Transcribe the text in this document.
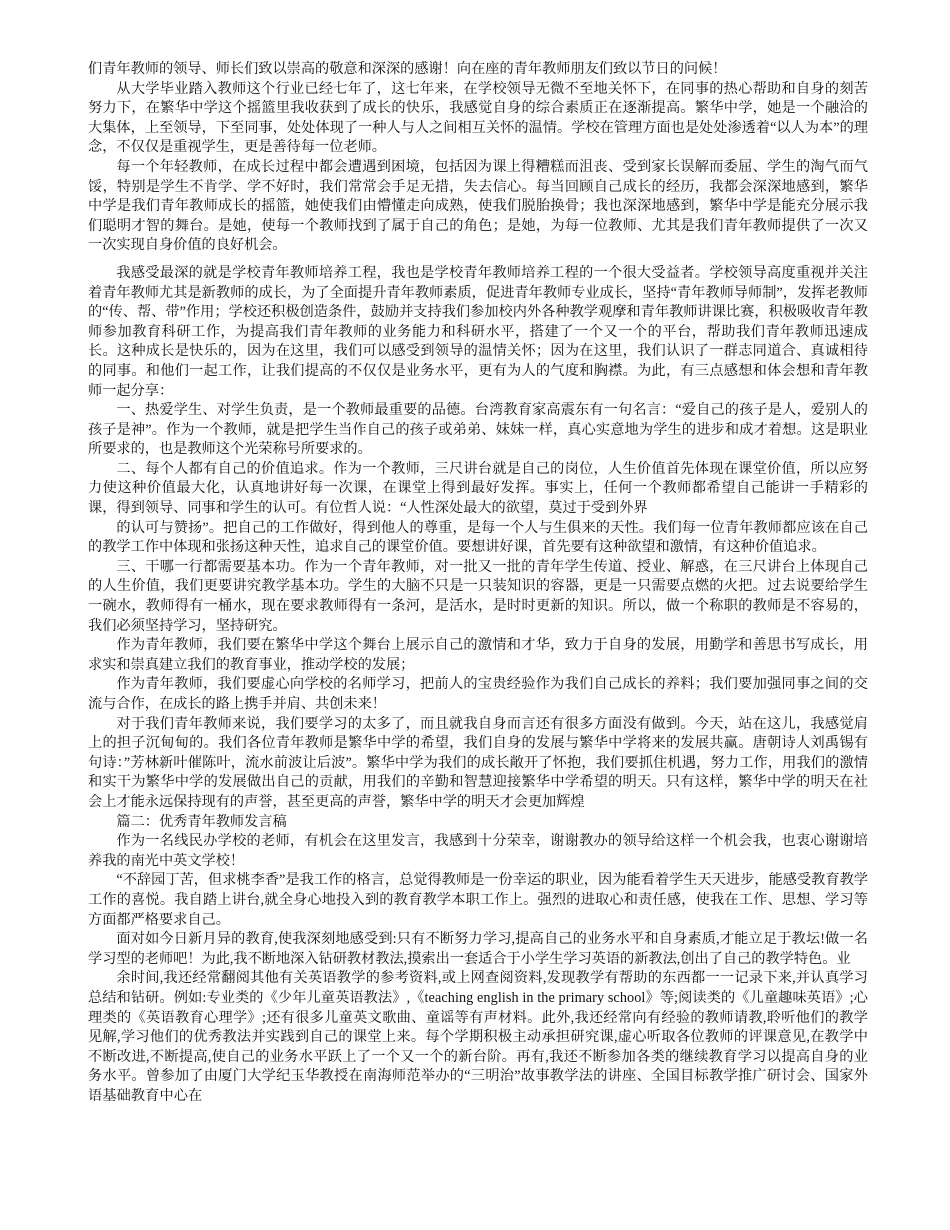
们青年教师的领导、师长们致以崇高的敬意和深深的感谢！向在座的青年教师朋友们致以节日的问候！

从大学毕业踏入教师这个行业已经七年了，这七年来，在学校领导无微不至地关怀下，在同事的热心帮助和自身的刻苦努力下，在繁华中学这个摇篮里我收获到了成长的快乐，我感觉自身的综合素质正在逐渐提高。繁华中学，她是一个融洽的大集体，上至领导，下至同事，处处体现了一种人与人之间相互关怀的温情。学校在管理方面也是处处渗透着“以人为本”的理念，不仅仅是重视学生，更是善待每一位老师。

每一个年轻教师，在成长过程中都会遭遇到困境，包括因为课上得糟糕而沮丧、受到家长误解而委屈、学生的淘气而气馁，特别是学生不肯学、学不好时，我们常常会手足无措，失去信心。每当回顾自己成长的经历，我都会深深地感到，繁华中学是我们青年教师成长的摇篮，她使我们由懵懂走向成熟，使我们脱胎换骨；我也深深地感到，繁华中学是能充分展示我们聪明才智的舞台。是她，使每一个教师找到了属于自己的角色；是她，为每一位教师、尤其是我们青年教师提供了一次又一次实现自身价值的良好机会。

我感受最深的就是学校青年教师培养工程，我也是学校青年教师培养工程的一个很大受益者。学校领导高度重视并关注着青年教师尤其是新教师的成长，为了全面提升青年教师素质，促进青年教师专业成长，坚持“青年教师导师制”，发挥老教师的“传、帮、带”作用；学校还积极创造条件，鼓励并支持我们参加校内外各种教学观摩和青年教师讲课比赛，积极吸收青年教师参加教育科研工作，为提高我们青年教师的业务能力和科研水平，搭建了一个又一个的平台，帮助我们青年教师迅速成长。这种成长是快乐的，因为在这里，我们可以感受到领导的温情关怀；因为在这里，我们认识了一群志同道合、真诚相待的同事。和他们一起工作，让我们提高的不仅仅是业务水平，更有为人的气度和胸襟。为此，有三点感想和体会想和青年教师一起分享：

一、热爱学生、对学生负责，是一个教师最重要的品德。台湾教育家高震东有一句名言：“爱自己的孩子是人，爱别人的孩子是神”。作为一个教师，就是把学生当作自己的孩子或弟弟、妹妹一样，真心实意地为学生的进步和成才着想。这是职业所要求的，也是教师这个光荣称号所要求的。

二、每个人都有自己的价值追求。作为一个教师，三尺讲台就是自己的岗位，人生价值首先体现在课堂价值，所以应努力使这种价值最大化，认真地讲好每一次课，在课堂上得到最好发挥。事实上，任何一个教师都希望自己能讲一手精彩的课，得到领导、同事和学生的认可。有位哲人说：“人性深处最大的欲望，莫过于受到外界

的认可与赞扬”。把自己的工作做好，得到他人的尊重，是每一个人与生俱来的天性。我们每一位青年教师都应该在自己的教学工作中体现和张扬这种天性，追求自己的课堂价值。要想讲好课，首先要有这种欲望和激情，有这种价值追求。

三、干哪一行都需要基本功。作为一个青年教师，对一批又一批的青年学生传道、授业、解惑，在三尺讲台上体现自己的人生价值，我们更要讲究教学基本功。学生的大脑不只是一只装知识的容器，更是一只需要点燃的火把。过去说要给学生一碗水，教师得有一桶水，现在要求教师得有一条河，是活水，是时时更新的知识。所以，做一个称职的教师是不容易的，我们必须坚持学习，坚持研究。

作为青年教师，我们要在繁华中学这个舞台上展示自己的激情和才华，致力于自身的发展，用勤学和善思书写成长，用求实和崇真建立我们的教育事业，推动学校的发展；

作为青年教师，我们要虚心向学校的名师学习，把前人的宝贵经验作为我们自己成长的养料；我们要加强同事之间的交流与合作，在成长的路上携手并肩、共创未来！

对于我们青年教师来说，我们要学习的太多了，而且就我自身而言还有很多方面没有做到。今天，站在这儿，我感觉肩上的担子沉甸甸的。我们各位青年教师是繁华中学的希望，我们自身的发展与繁华中学将来的发展共赢。唐朝诗人刘禹锡有句诗：”芳林新叶催陈叶，流水前波让后波”。繁华中学为我们的成长敞开了怀抱，我们要抓住机遇，努力工作，用我们的激情和实干为繁华中学的发展做出自己的贡献，用我们的辛勤和智慧迎接繁华中学希望的明天。只有这样，繁华中学的明天在社会上才能永远保持现有的声誉，甚至更高的声誉，繁华中学的明天才会更加辉煌

篇二：优秀青年教师发言稿

作为一名线民办学校的老师，有机会在这里发言，我感到十分荣幸，谢谢教办的领导给这样一个机会我，也衷心谢谢培养我的南光中英文学校！

“不辞园丁苦，但求桃李香”是我工作的格言，总觉得教师是一份幸运的职业，因为能看着学生天天进步，能感受教育教学工作的喜悦。我自踏上讲台,就全身心地投入到的教育教学本职工作上。强烈的进取心和责任感，使我在工作、思想、学习等方面都严格要求自己。

面对如今日新月异的教育,使我深刻地感受到:只有不断努力学习,提高自己的业务水平和自身素质,才能立足于教坛!做一名学习型的老师吧！为此,我不断地深入钻研教材教法,摸索出一套适合于小学生学习英语的新教法,创出了自己的教学特色。业

余时间,我还经常翻阅其他有关英语教学的参考资料,或上网查阅资料,发现教学有帮助的东西都一一记录下来,并认真学习总结和钻研。例如:专业类的《少年儿童英语教法》,《teaching english in the primary school》等;阅读类的《儿童趣味英语》;心理类的《英语教育心理学》;还有很多儿童英文歌曲、童谣等有声材料。此外,我还经常向有经验的教师请教,聆听他们的教学见解,学习他们的优秀教法并实践到自己的课堂上来。每个学期积极主动承担研究课,虚心听取各位教师的评课意见,在教学中不断改进,不断提高,使自己的业务水平跃上了一个又一个的新台阶。再有,我还不断参加各类的继续教育学习以提高自身的业务水平。曾参加了由厦门大学纪玉华教授在南海师范举办的“三明治”故事教学法的讲座、全国目标教学推广研讨会、国家外语基础教育中心在
